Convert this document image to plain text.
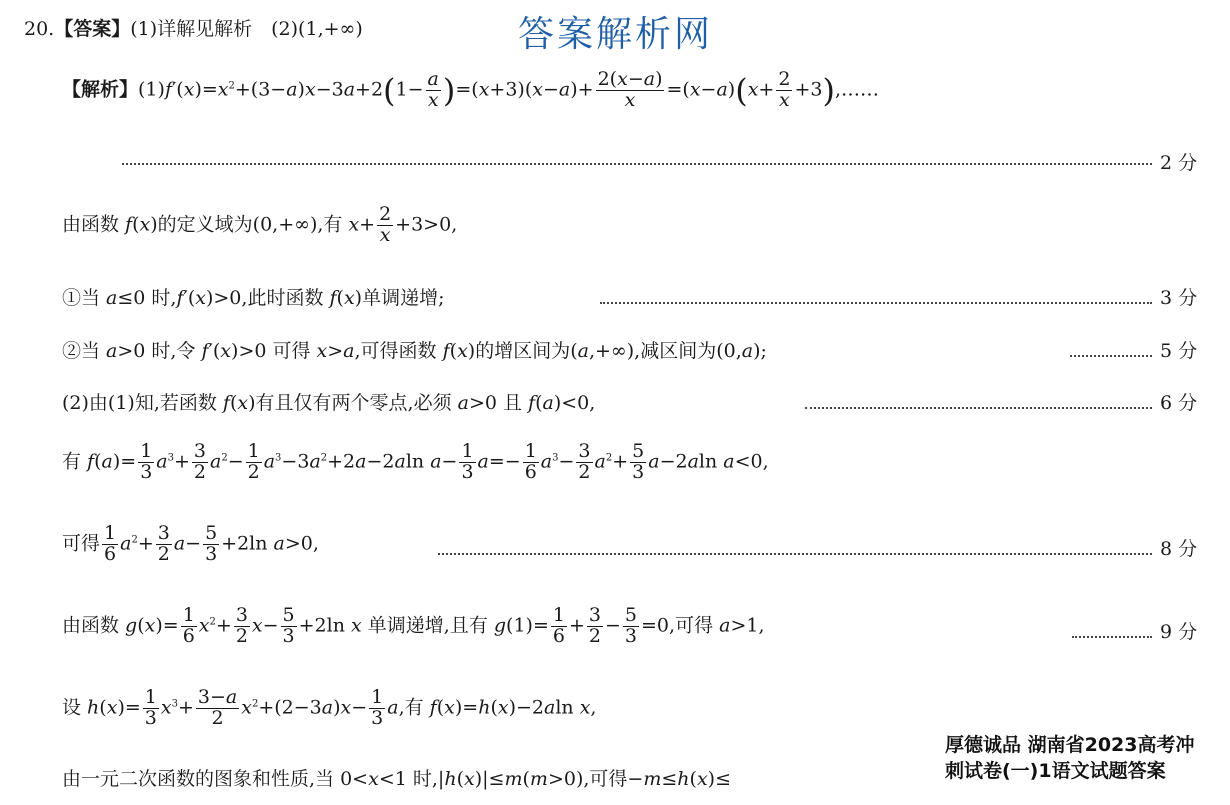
答案解析网
20.【答案】(1)详解见解析　(2)(1,+∞)
【解析】$(1)f'(x)=x^2+(3-a)x-3a+2(1- \frac{a}{x} )=(x+3)(x-a)+ \frac{2(x-a)}{x} =(x-a)(x+ \frac{2}{x}$ +3),……
2 分
由函数 f(x)的定义域为(0,+∞),有 $x+ \frac{2}{x} +3>0$,
①当 a≤0 时,f′(x)>0,此时函数 f(x)单调递增;	3 分
②当 a>0 时,令 f′(x)>0 可得 x>a,可得函数 f(x)的增区间为(a,+∞),减区间为(0,a);	5 分
(2)由(1)知,若函数 f(x)有且仅有两个零点,必须 a>0 且 f(a)<0,	6 分
有 $f(a)= \frac{1}{3} a^3+ \frac{3}{2} a^2- \frac{1}{2} a^3-3a^2+2a-2aln$ $a- \frac{1}{3} a=- \frac{1}{6} a^3- \frac{3}{2} a^2+ \frac{5}{3} a-2aln$ a<0,
可得 $\frac{1}{6} a^2+ \frac{3}{2} a- \frac{5}{3} +2\ln$ a>0,	8 分
由函数 $g(x)= \frac{1}{6} x^2+ \frac{3}{2} x- \frac{5}{3} +2\ln$ x 单调递增,且有 $g(1)= \frac{1}{6} + \frac{3}{2} - \frac{5}{3} =0$,可得 a>1,	9 分
设 $h(x)= \frac{1}{3} x^3+ \frac{3-a}{2} x^2+(2-3a)x- \frac{1}{3} a$,有 f(x)=h(x)−2aln x,
由一元二次函数的图象和性质,当 0<x<1 时,|h(x)|≤m(m>0),可得−m≤h(x)≤
厚德诚品 湖南省2023高考冲
刺试卷(一)1语文试题答案
